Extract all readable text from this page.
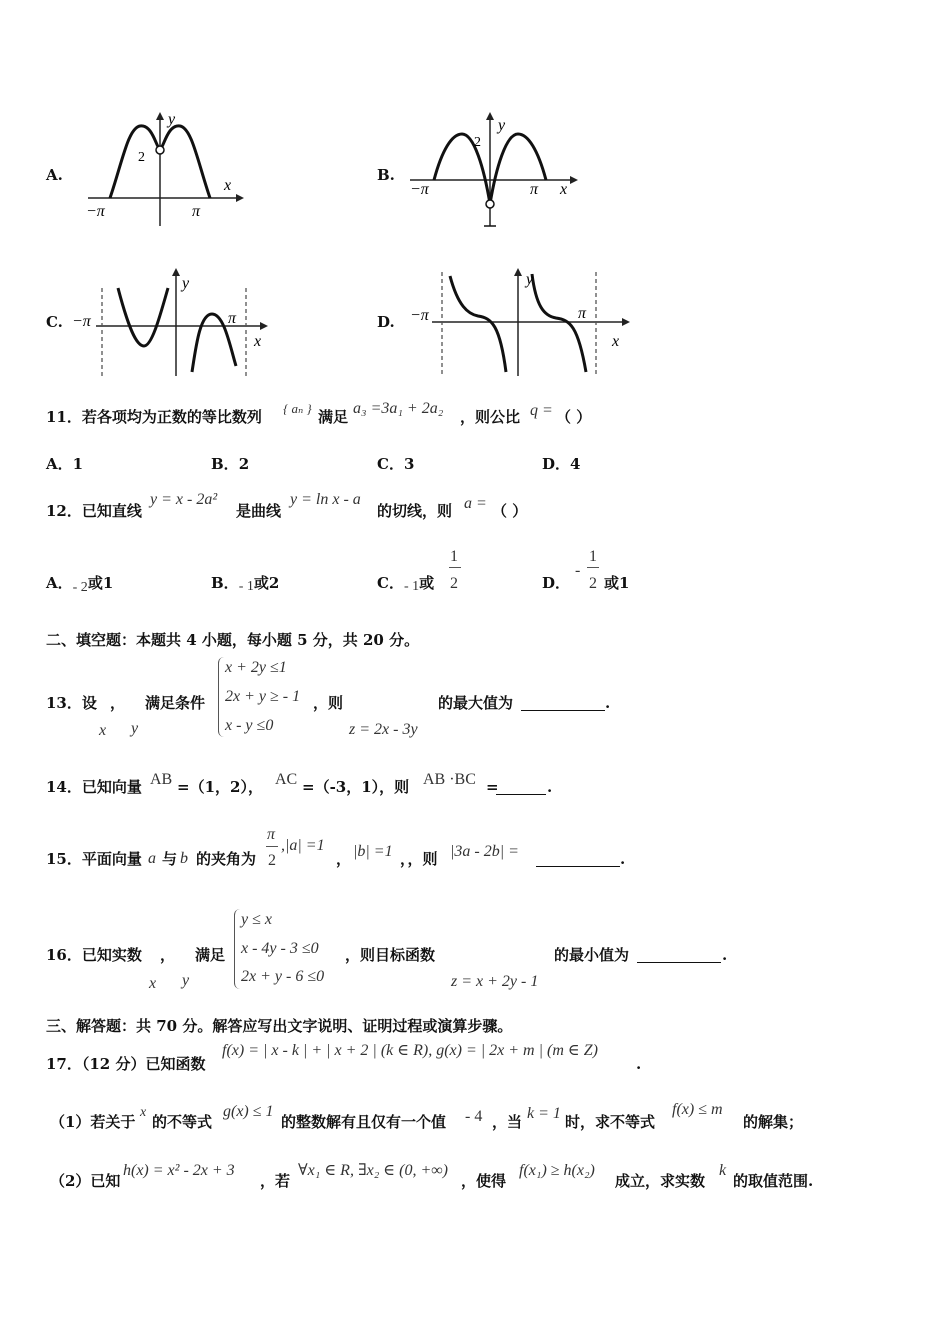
A.
2
y
x
−π	π
B.
2
y
x
−π	π
C.
y
x
−π	π	D.
y
x
−π	π
11．若各项均为正数的等比数列 { aₙ } 满足 a₃ =3a₁ + 2a₂ ，则公比 q = （ ）
A．1	B．2	C．3	D．4
12．已知直线
y = x - 2a²
是曲线
y = ln x - a
的切线，则 a = （ ）
A．- 2或1	B．- 1或2	C．- 1或
1
2	D．
-
1
2 或1
二、填空题：本题共 4 小题，每小题 5 分，共 20 分。
13．设 ， 满足条件
x y
x + 2y ≤1
2x + y ≥ - 1
x - y ≤0
，则
z = 2x - 3y
的最大值为	.
14．已知向量 AB =（1，2）， AC =（-3，1），则 AB ·BC =	.
15．平面向量 a 与 b 的夹角为
π
2
,|a| =1
， |b| =1 ，，则 |3a - 2b| =	.
16．已知实数 ， 满足
x y
y ≤ x
x - 4y - 3 ≤0
2x + y - 6 ≤0
，则目标函数
z = x + 2y - 1
的最小值为	.
三、解答题：共 70 分。解答应写出文字说明、证明过程或演算步骤。
17．（12 分）已知函数
f(x) = | x - k | + | x + 2 | (k ∈ R), g(x) = | 2x + m | (m ∈ Z)
.
（1）若关于
x
的不等式
g(x) ≤ 1
的整数解有且仅有一个值 - 4 ，当 k = 1 时，求不等式
f(x) ≤ m
的解集；
（2）已知
h(x) = x² - 2x + 3
，若
∀x₁ ∈ R, ∃x₂ ∈ (0, +∞)
，使得
f(x₁) ≥ h(x₂)
成立，求实数
k
的取值范围.
